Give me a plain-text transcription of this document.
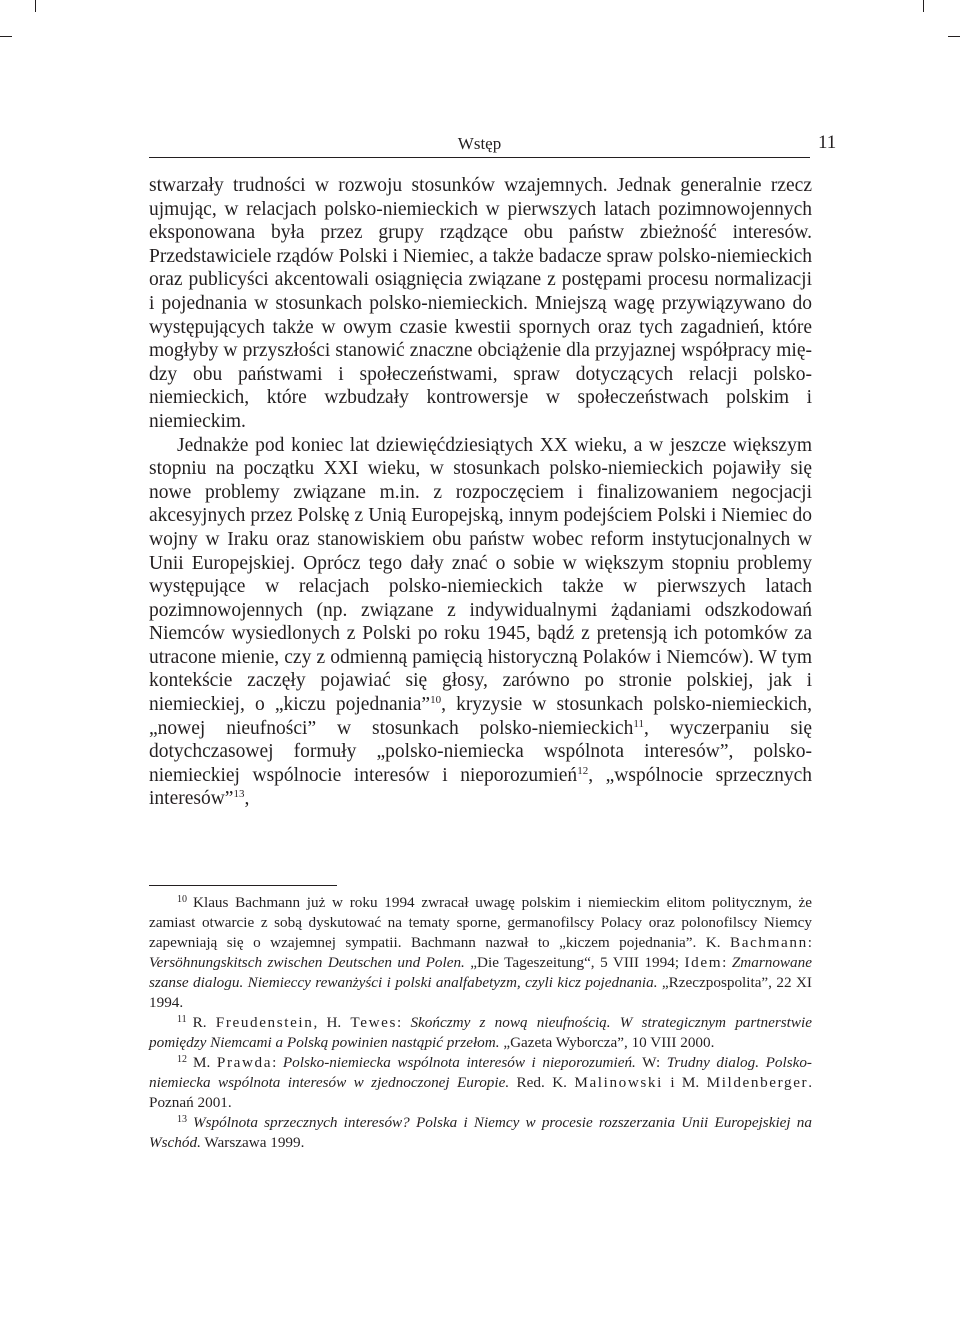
Wstęp	11

stwarzały trudności w rozwoju stosunków wzajemnych. Jednak generalnie rzecz ujmując, w relacjach polsko-niemieckich w pierwszych latach pozimnowojennych eksponowana była przez grupy rządzące obu państw zbieżność interesów. Przedstawiciele rządów Polski i Niemiec, a także badacze spraw polsko-niemieckich oraz publicyści akcentowali osiągnięcia związane z postępami procesu normalizacji i pojednania w stosunkach polsko-niemieckich. Mniejszą wagę przywiązywano do występujących także w owym czasie kwestii spornych oraz tych zagadnień, które mogłyby w przyszłości stanowić znaczne obciążenie dla przyjaznej współpracy między obu państwami i społeczeństwami, spraw dotyczących relacji polsko-niemieckich, które wzbudzały kontrowersje w społeczeństwach polskim i niemieckim.

Jednakże pod koniec lat dziewięćdziesiątych XX wieku, a w jeszcze większym stopniu na początku XXI wieku, w stosunkach polsko-niemieckich pojawiły się nowe problemy związane m.in. z rozpoczęciem i finalizowaniem negocjacji akcesyjnych przez Polskę z Unią Europejską, innym podejściem Polski i Niemiec do wojny w Iraku oraz stanowiskiem obu państw wobec reform instytucjonalnych w Unii Europejskiej. Oprócz tego dały znać o sobie w większym stopniu problemy występujące w relacjach polsko-niemieckich także w pierwszych latach pozimnowojennych (np. związane z indywidualnymi żądaniami odszkodowań Niemców wysiedlonych z Polski po roku 1945, bądź z pretensją ich potomków za utracone mienie, czy z odmienną pamięcią historyczną Polaków i Niemców). W tym kontekście zaczęły pojawiać się głosy, zarówno po stronie polskiej, jak i niemieckiej, o „kiczu pojednania”$^{10}$, kryzysie w stosunkach polsko-niemieckich, „nowej nieufności” w stosunkach polsko-niemieckich$^{11}$, wyczerpaniu się dotychczasowej formuły „polsko-niemiecka wspólnota interesów”, polsko-niemieckiej wspólnocie interesów i nieporozumień$^{12}$, „wspólnocie sprzecznych interesów”$^{13}$,

$^{10}$ Klaus Bachmann już w roku 1994 zwracał uwagę polskim i niemieckim elitom politycznym, że zamiast otwarcie z sobą dyskutować na tematy sporne, germanofilscy Polacy oraz polonofilscy Niemcy zapewniają się o wzajemnej sympatii. Bachmann nazwał to „kiczem pojednania”. K. Bachmann: Versöhnungskitsch zwischen Deutschen und Polen. „Die Tageszeitung“, 5 VIII 1994; Idem: Zmarnowane szanse dialogu. Niemieccy rewanżyści i polski analfabetyzm, czyli kicz pojednania. „Rzeczpospolita”, 22 XI 1994.

$^{11}$ R. Freudenstein, H. Tewes: Skończmy z nową nieufnością. W strategicznym partnerstwie pomiędzy Niemcami a Polską powinien nastąpić przełom. „Gazeta Wyborcza”, 10 VIII 2000.

$^{12}$ M. Prawda: Polsko-niemiecka wspólnota interesów i nieporozumień. W: Trudny dialog. Polsko-niemiecka wspólnota interesów w zjednoczonej Europie. Red. K. Malinowski i M. Mildenberger. Poznań 2001.

$^{13}$ Wspólnota sprzecznych interesów? Polska i Niemcy w procesie rozszerzania Unii Europejskiej na Wschód. Warszawa 1999.
